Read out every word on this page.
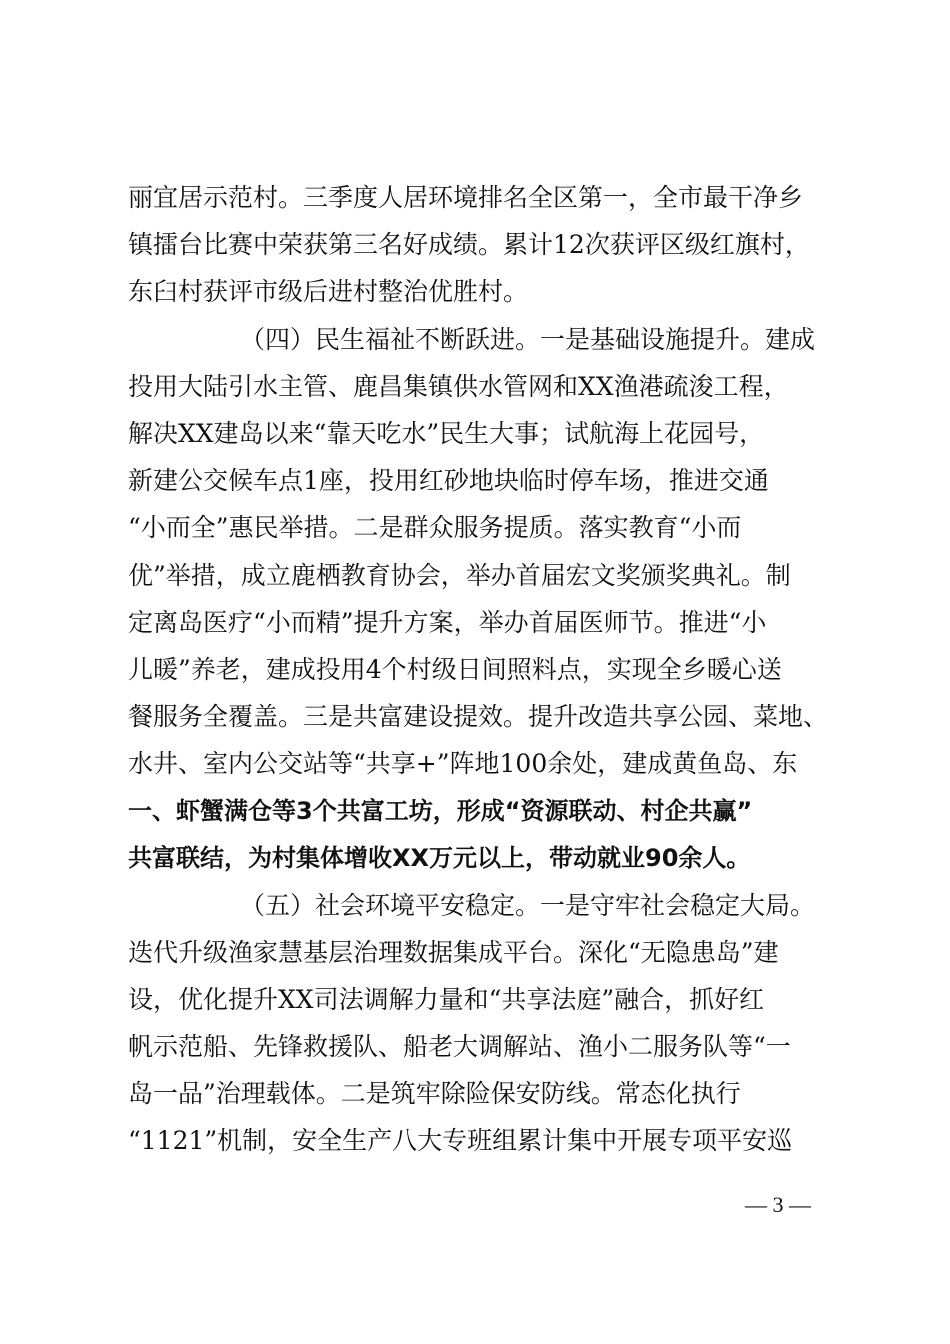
丽宜居示范村。三季度人居环境排名全区第一，全市最干净乡
镇擂台比赛中荣获第三名好成绩。累计12次获评区级红旗村，
东臼村获评市级后进村整治优胜村。
（四）民生福祉不断跃进。一是基础设施提升。建成
投用大陆引水主管、鹿昌集镇供水管网和XX渔港疏浚工程，
解决XX建岛以来“靠天吃水”民生大事；试航海上花园号，
新建公交候车点1座，投用红砂地块临时停车场，推进交通
“小而全”惠民举措。二是群众服务提质。落实教育“小而
优”举措，成立鹿栖教育协会，举办首届宏文奖颁奖典礼。制
定离岛医疗“小而精”提升方案，举办首届医师节。推进“小
儿暖”养老，建成投用4个村级日间照料点，实现全乡暖心送
餐服务全覆盖。三是共富建设提效。提升改造共享公园、菜地、
水井、室内公交站等“共享+”阵地100余处，建成黄鱼岛、东
一、虾蟹满仓等3个共富工坊，形成“资源联动、村企共赢”
共富联结，为村集体增收XX万元以上，带动就业90余人。
（五）社会环境平安稳定。一是守牢社会稳定大局。
迭代升级渔家慧基层治理数据集成平台。深化“无隐患岛”建
设，优化提升XX司法调解力量和“共享法庭”融合，抓好红
帆示范船、先锋救援队、船老大调解站、渔小二服务队等“一
岛一品”治理载体。二是筑牢除险保安防线。常态化执行
“1121”机制，安全生产八大专班组累计集中开展专项平安巡
— 3 —
